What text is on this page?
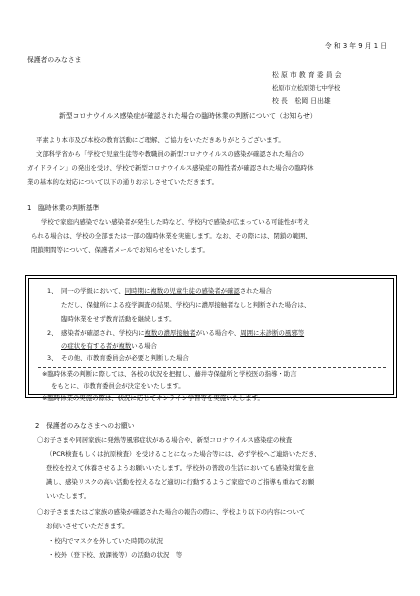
令 和 3 年 9 月 1 日
保護者のみなさま
松 原 市 教 育 委 員 会
松原市立松原第七中学校
校 長　松岡 日出雄
新型コロナウイルス感染症が確認された場合の臨時休業の判断について（お知らせ）
平素より本市及び本校の教育活動にご理解、ご協力をいただきありがとうございます。
文部科学省から「学校で児童生徒等や教職員の新型コロナウイルスの感染が確認された場合の
ガイドライン」の発出を受け、学校で新型コロナウイルス感染症の陽性者が確認された場合の臨時休
業の基本的な対応について以下の通りお示しさせていただきます。
1　臨時休業の判断基準
学校で家庭内感染でない感染者が発生した時など、学校内で感染が広まっている可能性が考え
られる場合は、学校の全部または一部の臨時休業を実施します。なお、その際には、閉鎖の範囲、
閉鎖期間等について、保護者メールでお知らせをいたします。
1、 同一の学級において、同時期に複数の児童生徒の感染者が確認された場合
ただし、保健所による疫学調査の結果、学校内に濃厚接触者なしと判断された場合は、
臨時休業をせず教育活動を継続します。
2、 感染者が確認され、学校内に複数の濃厚接触者がいる場合や、周囲に未診断の風邪等
の症状を有する者が複数いる場合
3、 その他、市教育委員会が必要と判断した場合
※臨時休業の判断に際しては、各校の状況を把握し、藤井寺保健所と学校医の指導・助言
をもとに、市教育委員会が決定をいたします。
※臨時休業の実施の際は、状況に応じてオンライン学習等を実施いたします。
2　保護者のみなさまへのお願い
〇お子さまや同居家族に発熱等風邪症状がある場合や、新型コロナウイルス感染症の検査
（PCR検査もしくは抗原検査）を受けることになった場合等には、必ず学校へご連絡いただき、
登校を控えて休養させるようお願いいたします。学校外の普段の生活においても感染対策を意
識し、感染リスクの高い活動を控えるなど適切に行動するようご家庭でのご指導も重ねてお願
いいたします。
〇お子さままたはご家族の感染が確認された場合の報告の際に、学校より以下の内容について
お伺いさせていただきます。
・校内でマスクを外していた時間の状況
・校外（登下校、放課後等）の活動の状況　等
